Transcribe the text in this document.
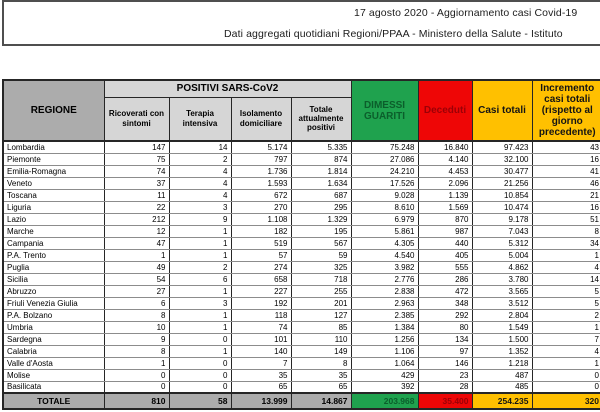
17 agosto 2020 - Aggiornamento casi Covid-19
Dati aggregati quotidiani Regioni/PPAA - Ministero della Salute - Istituto
REGIONE	POSITIVI SARS-CoV2				DIMESSI GUARITI	Deceduti	Casi totali	Incremento casi totali (rispetto al giorno precedente)
	Ricoverati con sintomi	Terapia intensiva	Isolamento domiciliare	Totale attualmente positivi				
Lombardia	147	14	5.174	5.335	75.248	16.840	97.423	43
Piemonte	75	2	797	874	27.086	4.140	32.100	16
Emilia-Romagna	74	4	1.736	1.814	24.210	4.453	30.477	41
Veneto	37	4	1.593	1.634	17.526	2.096	21.256	46
Toscana	11	4	672	687	9.028	1.139	10.854	21
Liguria	22	3	270	295	8.610	1.569	10.474	16
Lazio	212	9	1.108	1.329	6.979	870	9.178	51
Marche	12	1	182	195	5.861	987	7.043	8
Campania	47	1	519	567	4.305	440	5.312	34
P.A. Trento	1	1	57	59	4.540	405	5.004	1
Puglia	49	2	274	325	3.982	555	4.862	4
Sicilia	54	6	658	718	2.776	286	3.780	14
Abruzzo	27	1	227	255	2.838	472	3.565	5
Friuli Venezia Giulia	6	3	192	201	2.963	348	3.512	5
P.A. Bolzano	8	1	118	127	2.385	292	2.804	2
Umbria	10	1	74	85	1.384	80	1.549	1
Sardegna	9	0	101	110	1.256	134	1.500	7
Calabria	8	1	140	149	1.106	97	1.352	4
Valle d'Aosta	1	0	7	8	1.064	146	1.218	1
Molise	0	0	35	35	429	23	487	0
Basilicata	0	0	65	65	392	28	485	0
TOTALE	810	58	13.999	14.867	203.968	35.400	254.235	320
